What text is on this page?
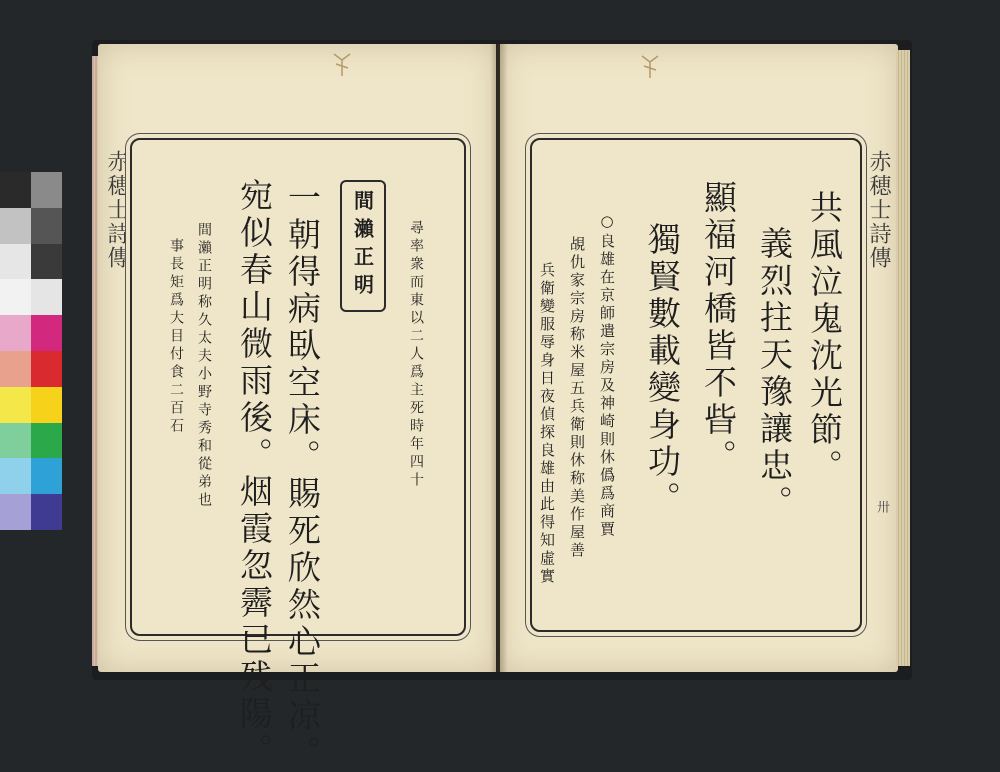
赤穂士詩傳	間瀨正明 尋率衆而東以二人爲主死時年四十
一朝得病臥空床。賜死欣然心正凉。
宛似春山微雨後。烟霞忽霽已残陽。
間瀨正明称久太夫小野寺秀和從弟也
事長矩爲大目付食二百石	共風泣鬼沈光節。
義烈拄天豫讓忠。
顯福河橋皆不㫮。
獨賢數載變身功。
○良雄在京師遣宗房及神崎則休僞爲商賈
覘仇家宗房称米屋五兵衛則休称美作屋善
兵衛變服辱身日夜偵探良雄由此得知虛實
赤穂士詩傳
卅
